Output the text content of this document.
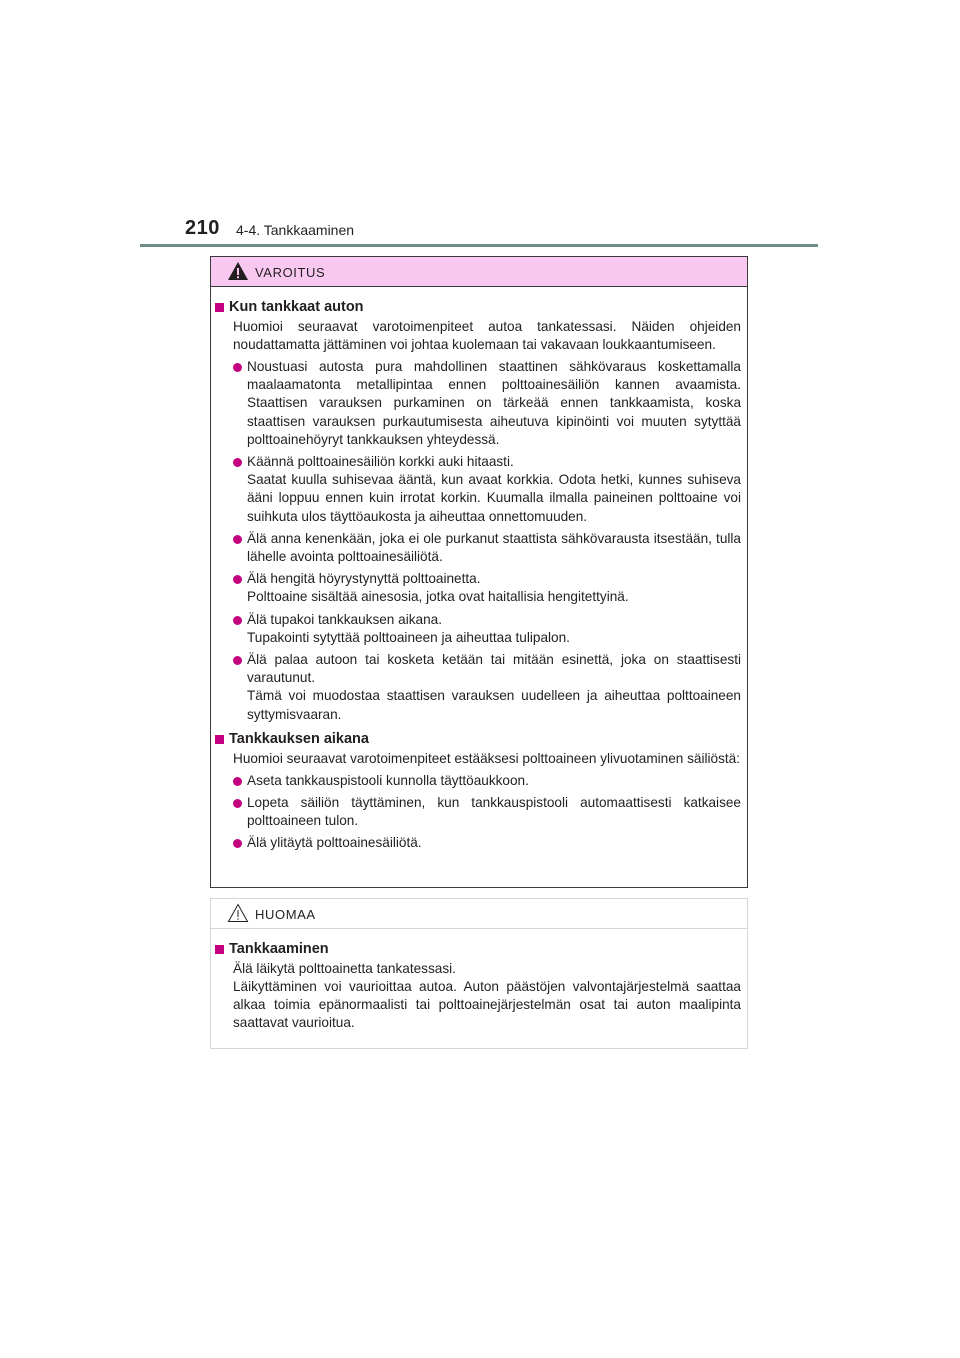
210 4-4. Tankkaaminen
VAROITUS
Kun tankkaat auton
Huomioi seuraavat varotoimenpiteet autoa tankatessasi. Näiden ohjeiden noudattamatta jättäminen voi johtaa kuolemaan tai vakavaan loukkaantumiseen.
Noustuasi autosta pura mahdollinen staattinen sähkövaraus koskettamalla maalaamatonta metallipintaa ennen polttoainesäiliön kannen avaamista. Staattisen varauksen purkaminen on tärkeää ennen tankkaamista, koska staattisen varauksen purkautumisesta aiheutuva kipinöinti voi muuten sytyttää polttoainehöyryt tankkauksen yhteydessä.
Käännä polttoainesäiliön korkki auki hitaasti.
Saatat kuulla suhisevaa ääntä, kun avaat korkkia. Odota hetki, kunnes suhiseva ääni loppuu ennen kuin irrotat korkin. Kuumalla ilmalla paineinen polttoaine voi suihkuta ulos täyttöaukosta ja aiheuttaa onnettomuuden.
Älä anna kenenkään, joka ei ole purkanut staattista sähkövarausta itsestään, tulla lähelle avointa polttoainesäiliötä.
Älä hengitä höyrystynyttä polttoainetta.
Polttoaine sisältää ainesosia, jotka ovat haitallisia hengitettyinä.
Älä tupakoi tankkauksen aikana.
Tupakointi sytyttää polttoaineen ja aiheuttaa tulipalon.
Älä palaa autoon tai kosketa ketään tai mitään esinettä, joka on staattisesti varautunut.
Tämä voi muodostaa staattisen varauksen uudelleen ja aiheuttaa polttoaineen syttymisvaaran.
Tankkauksen aikana
Huomioi seuraavat varotoimenpiteet estääksesi polttoaineen ylivuotaminen säiliöstä:
Aseta tankkauspistooli kunnolla täyttöaukkoon.
Lopeta säiliön täyttäminen, kun tankkauspistooli automaattisesti katkaisee polttoaineen tulon.
Älä ylitäytä polttoainesäiliötä.
HUOMAA
Tankkaaminen
Älä läikytä polttoainetta tankatessasi.
Läikyttäminen voi vaurioittaa autoa. Auton päästöjen valvontajärjestelmä saattaa alkaa toimia epänormaalisti tai polttoainejärjestelmän osat tai auton maalipinta saattavat vaurioitua.
